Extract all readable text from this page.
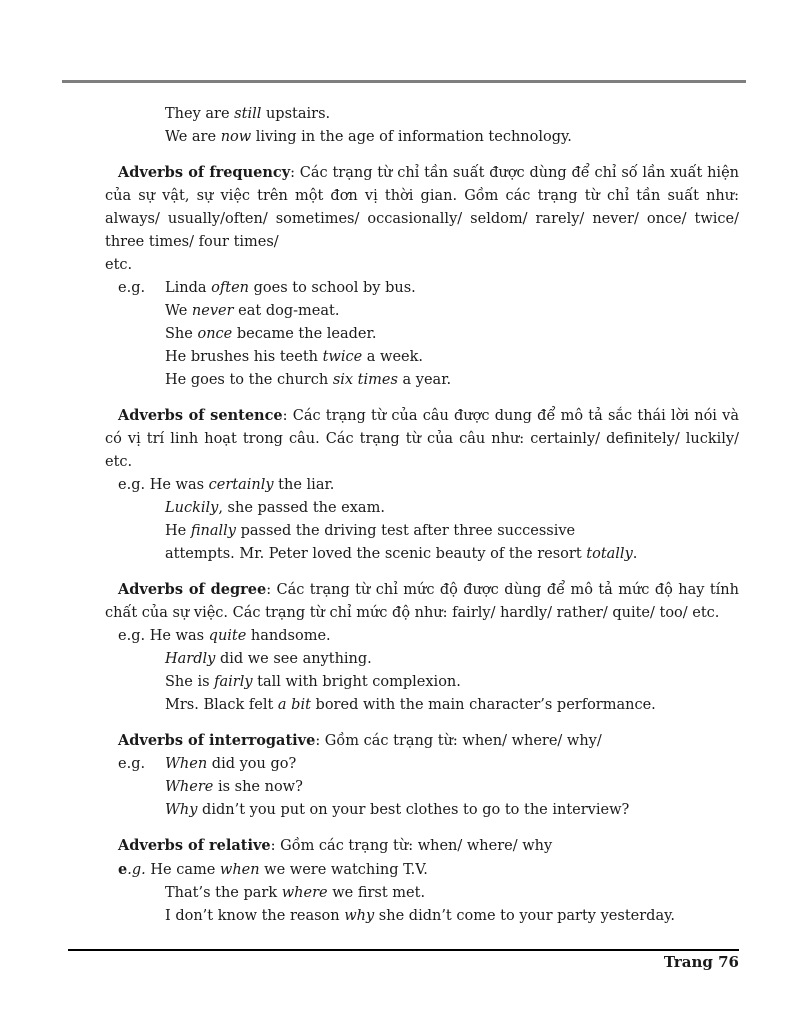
They are still upstairs.
We are now living in the age of information technology.
Adverbs of frequency: Các trạng từ chỉ tần suất được dùng để chỉ số lần xuất hiện của sự vật, sự việc trên một đơn vị thời gian. Gồm các trạng từ chỉ tần suất như: always/ usually/often/ sometimes/ occasionally/ seldom/ rarely/ never/ once/ twice/ three times/ four times/
etc.
e.g. Linda often goes to school by bus.
We never eat dog-meat.
She once became the leader.
He brushes his teeth twice a week.
He goes to the church six times a year.
Adverbs of sentence: Các trạng từ của câu được dung để mô tả sắc thái lời nói và có vị trí linh hoạt trong câu. Các trạng từ của câu như: certainly/ definitely/ luckily/ etc.
e.g. He was certainly the liar.
Luckily, she passed the exam.
He finally passed the driving test after three successive
attempts. Mr. Peter loved the scenic beauty of the resort totally.
Adverbs of degree: Các trạng từ chỉ mức độ được dùng để mô tả mức độ hay tính chất của sự việc. Các trạng từ chỉ mức độ như: fairly/ hardly/ rather/ quite/ too/ etc.
e.g. He was quite handsome.
Hardly did we see anything.
She is fairly tall with bright complexion.
Mrs. Black felt a bit bored with the main character’s performance.
Adverbs of interrogative: Gồm các trạng từ: when/ where/ why/
e.g. When did you go?
Where is she now?
Why didn’t you put on your best clothes to go to the interview?
Adverbs of relative: Gồm các trạng từ: when/ where/ why
e.g. He came when we were watching T.V.
That’s the park where we first met.
I don’t know the reason why she didn’t come to your party yesterday.
Trang 76
